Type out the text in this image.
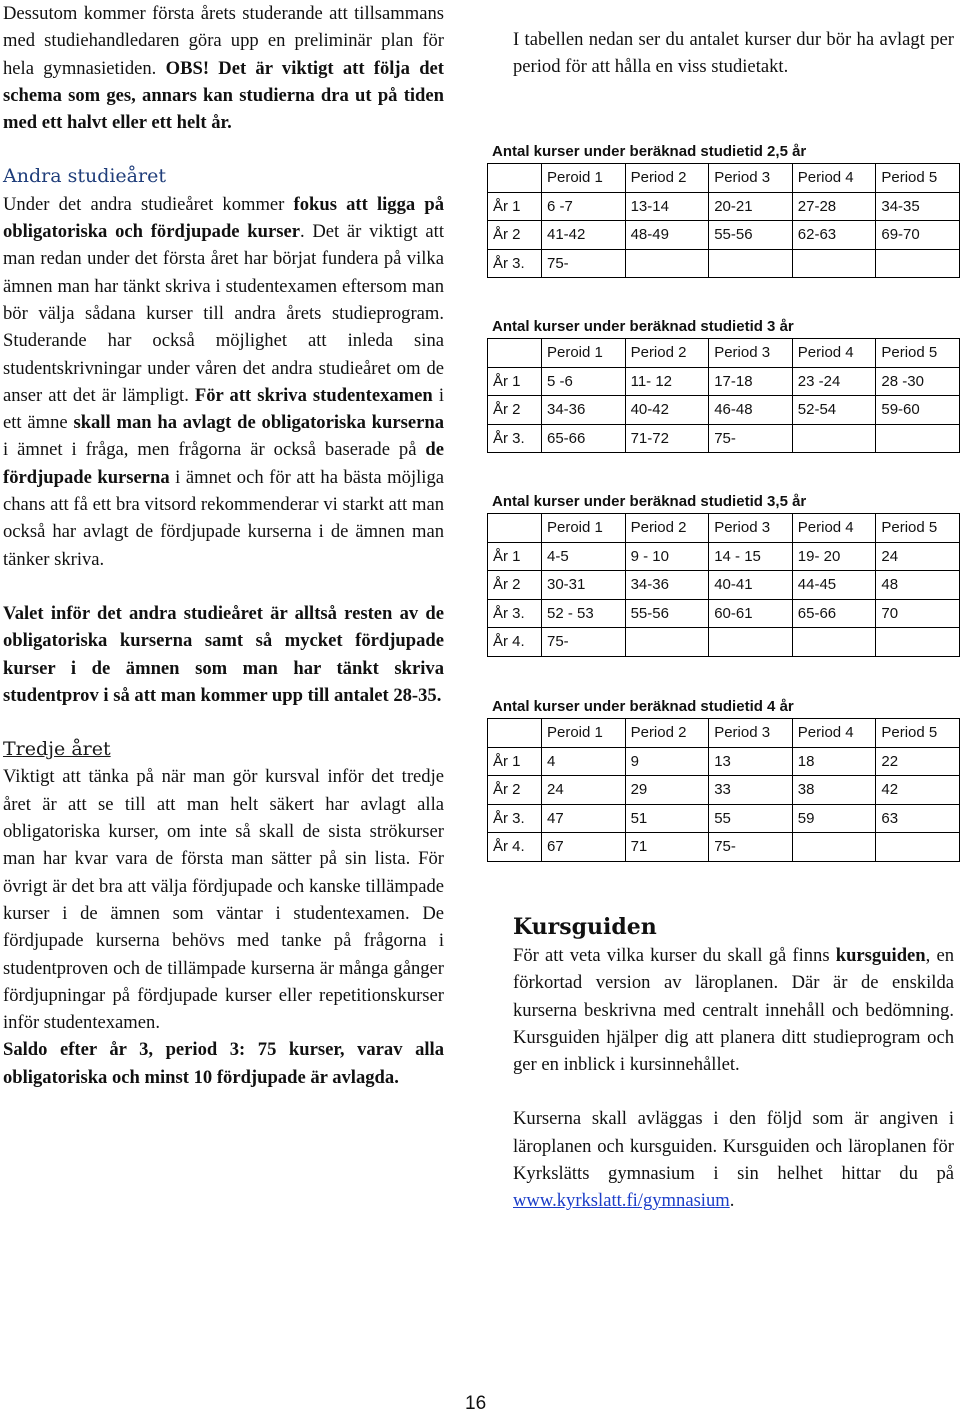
Dessutom kommer första årets studerande att tillsammans med studiehandledaren göra upp en preliminär plan för hela gymnasietiden. OBS! Det är viktigt att följa det schema som ges, annars kan studierna dra ut på tiden med ett halvt eller ett helt år.

Andra studieåret

Under det andra studieåret kommer fokus att ligga på obligatoriska och fördjupade kurser. Det är viktigt att man redan under det första året har börjat fundera på vilka ämnen man har tänkt skriva i studentexamen eftersom man bör välja sådana kurser till andra årets studieprogram. Studerande har också möjlighet att inleda sina studentskrivningar under våren det andra studieåret om de anser att det är lämpligt. För att skriva studentexamen i ett ämne skall man ha avlagt de obligatoriska kurserna i ämnet i fråga, men frågorna är också baserade på de fördjupade kurserna i ämnet och för att ha bästa möjliga chans att få ett bra vitsord rekommenderar vi starkt att man också har avlagt de fördjupade kurserna i de ämnen man tänker skriva.

Valet inför det andra studieåret är alltså resten av de obligatoriska kurserna samt så mycket fördjupade kurser i de ämnen som man har tänkt skriva studentprov i så att man kommer upp till antalet 28-35.

Tredje året

Viktigt att tänka på när man gör kursval inför det tredje året är att se till att man helt säkert har avlagt alla obligatoriska kurser, om inte så skall de sista strökurser man har kvar vara de första man sätter på sin lista. För övrigt är det bra att välja fördjupade och kanske tillämpade kurser i de ämnen som väntar i studentexamen. De fördjupade kurserna behövs med tanke på frågorna i studentproven och de tillämpade kurserna är många gånger fördjupningar på fördjupade kurser eller repetitionskurser inför studentexamen.

Saldo efter år 3, period 3: 75 kurser, varav alla obligatoriska och minst 10 fördjupade är avlagda.

I tabellen nedan ser du antalet kurser dur bör ha avlagt per period för att hålla en viss studietakt.

Antal kurser under beräknad studietid 2,5 år
	Peroid 1	Period 2	Period 3	Period 4	Period 5
År 1	6 -7	13-14	20-21	27-28	34-35
År 2	41-42	48-49	55-56	62-63	69-70
År 3.	75-				
Antal kurser under beräknad studietid 3 år
	Peroid 1	Period 2	Period 3	Period 4	Period 5
År 1	5 -6	11- 12	17-18	23 -24	28 -30
År 2	34-36	40-42	46-48	52-54	59-60
År 3.	65-66	71-72	75-		
Antal kurser under beräknad studietid 3,5 år
	Peroid 1	Period 2	Period 3	Period 4	Period 5
År 1	4-5	9 - 10	14 - 15	19- 20	24
År 2	30-31	34-36	40-41	44-45	48
År 3.	52 - 53	55-56	60-61	65-66	70
År 4.	75-				
Antal kurser under beräknad studietid 4 år
	Peroid 1	Period 2	Period 3	Period 4	Period 5
År 1	4	9	13	18	22
År 2	24	29	33	38	42
År 3.	47	51	55	59	63
År 4.	67	71	75-		
Kursguiden

För att veta vilka kurser du skall gå finns kursguiden, en förkortad version av läroplanen. Där är de enskilda kurserna beskrivna med centralt innehåll och bedömning. Kursguiden hjälper dig att planera ditt studieprogram och ger en inblick i kursinnehållet.

Kurserna skall avläggas i den följd som är angiven i läroplanen och kursguiden. Kursguiden och läroplanen för Kyrkslätts gymnasium i sin helhet hittar du på www.kyrkslatt.fi/gymnasium.

16
